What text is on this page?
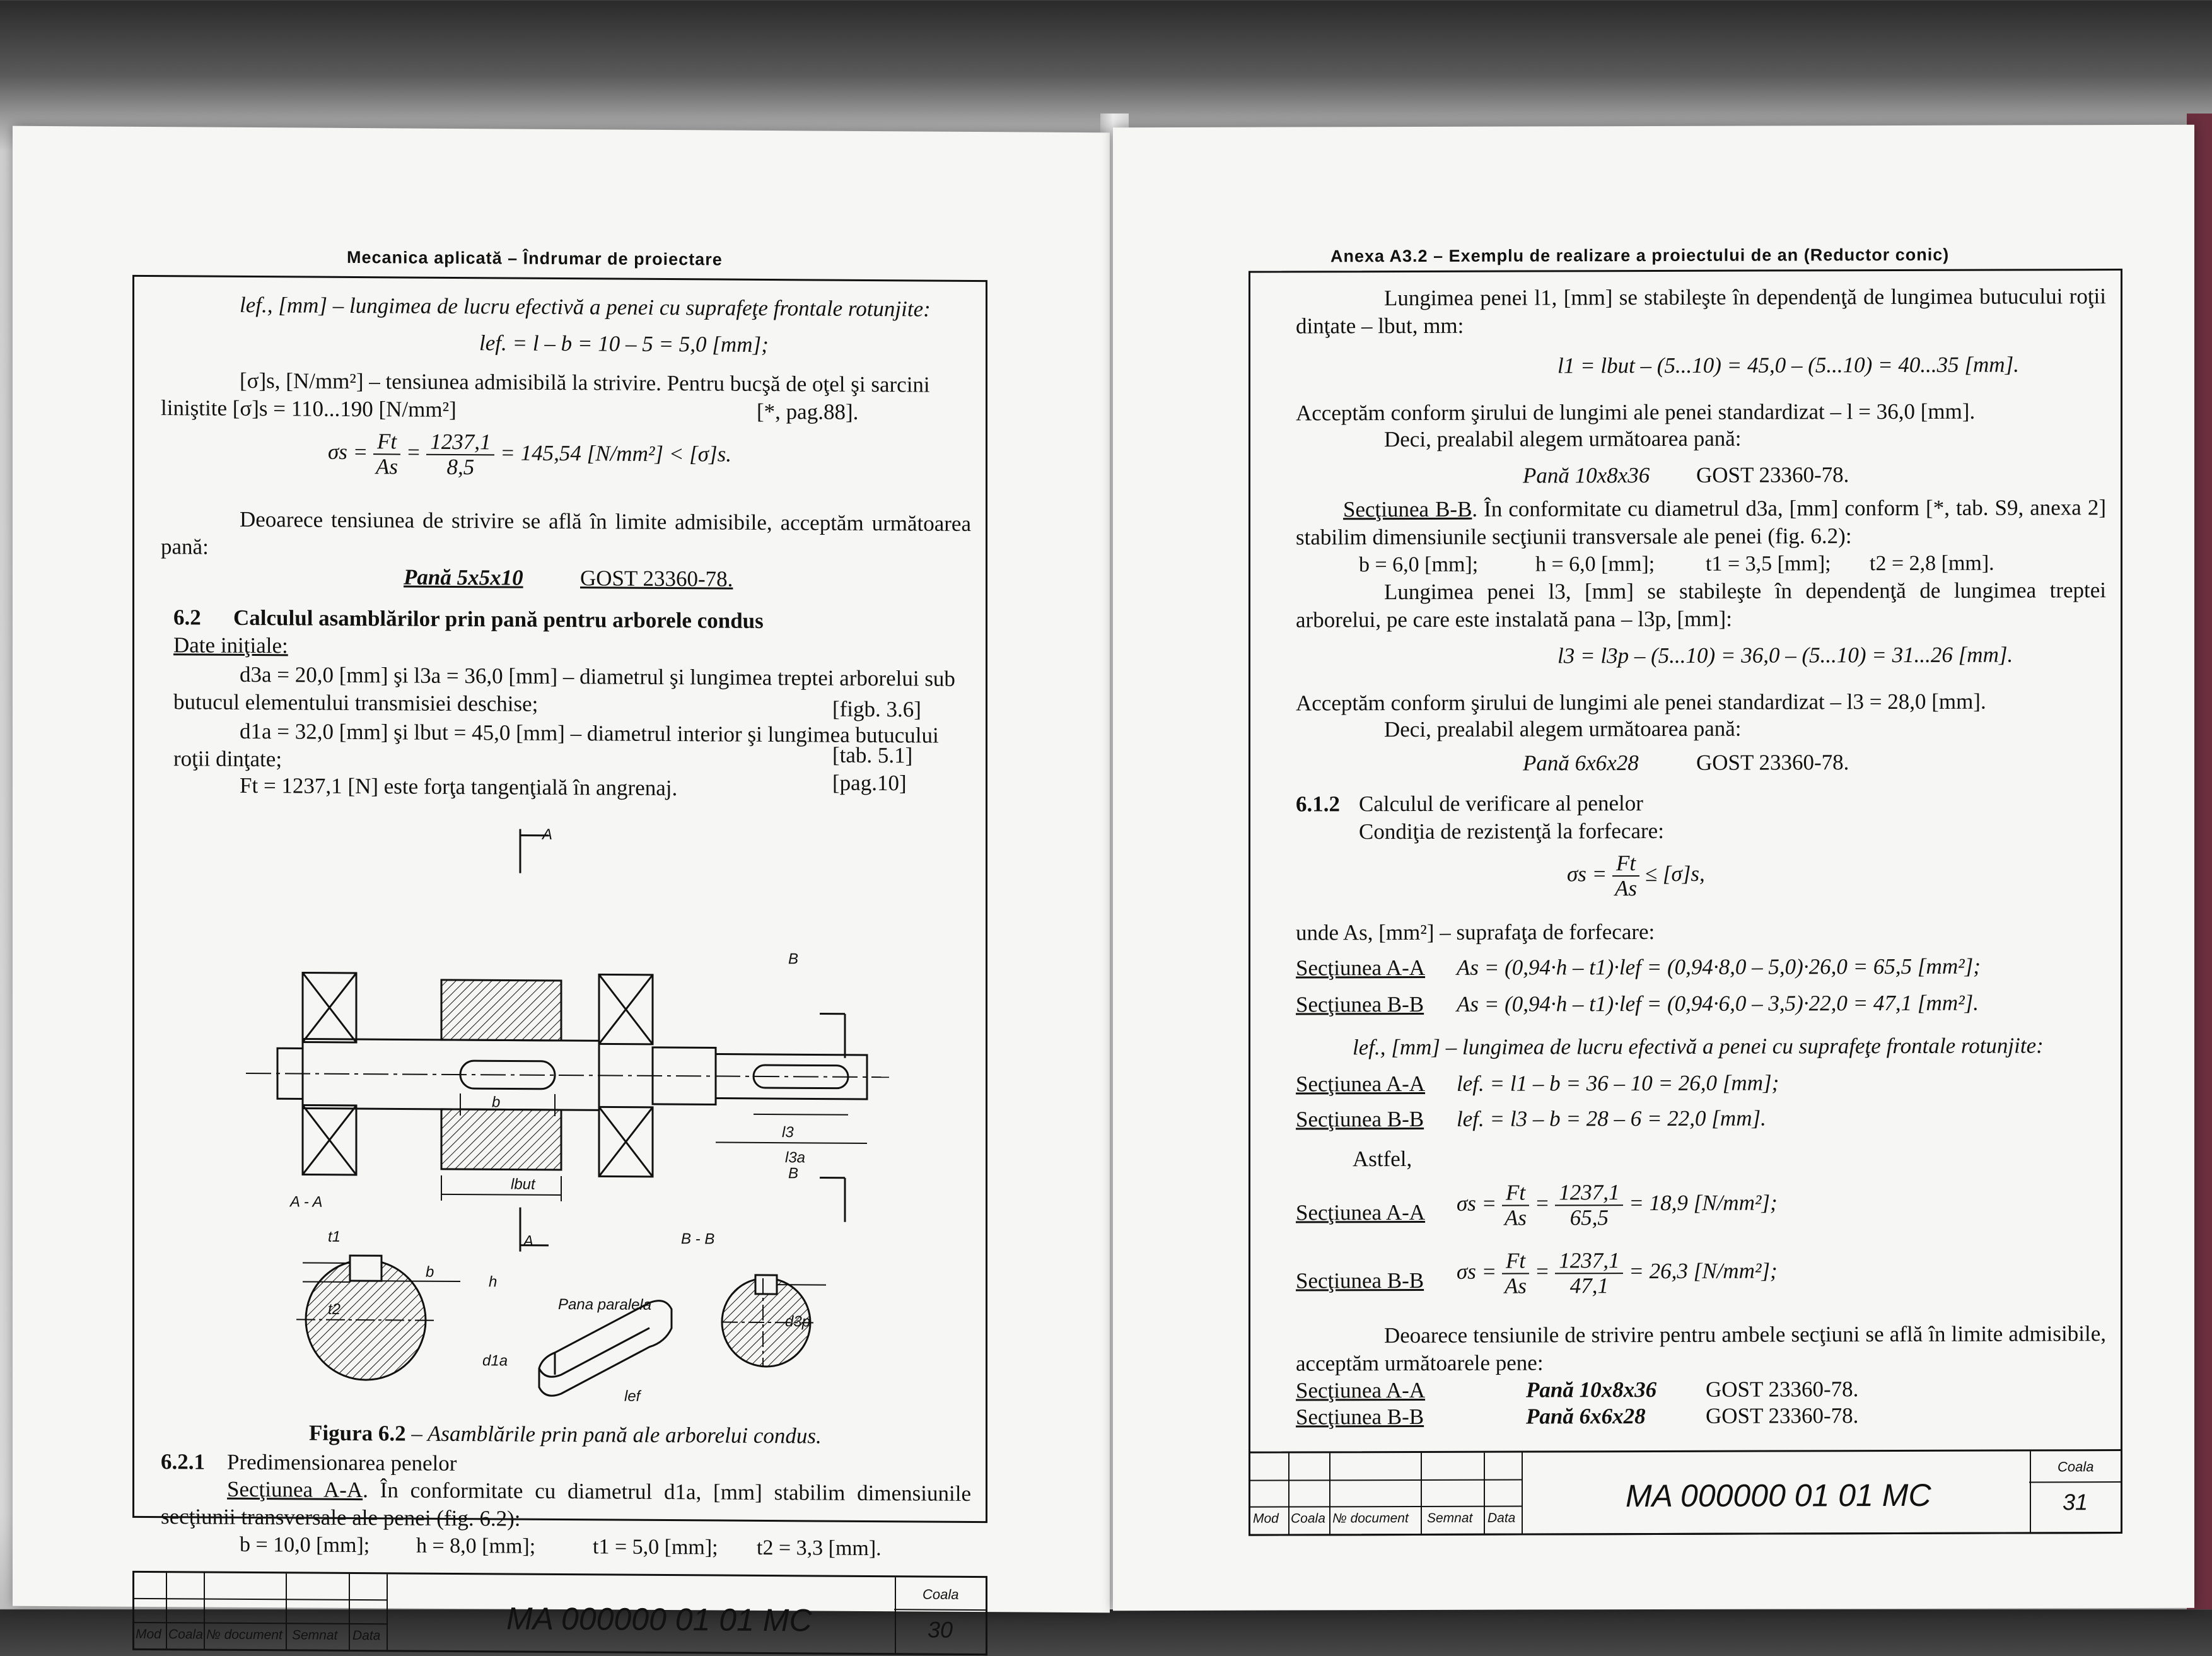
Mecanica aplicată – Îndrumar de proiectare
lef., [mm] – lungimea de lucru efectivă a penei cu suprafeţe frontale rotunjite:
lef. = l – b = 10 – 5 = 5,0 [mm];
[σ]s, [N/mm²] – tensiunea admisibilă la strivire. Pentru bucşă de oţel şi sarcini
liniştite [σ]s = 110...190 [N/mm²]	[*, pag.88].
$\sigma s = \frac{Ft}{As} = \frac{1237,1}{8,5} = 145,54$ [N/mm²] < [σ]s.
Deoarece tensiunea de strivire se află în limite admisibile, acceptăm următoarea pană:
Pană 5x5x10	GOST 23360-78.
6.2 Calculul asamblărilor prin pană pentru arborele condus
Date iniţiale:
d3a = 20,0 [mm] şi l3a = 36,0 [mm] – diametrul şi lungimea treptei arborelui sub
butucul elementului transmisiei deschise;	[figb. 3.6]
d1a = 32,0 [mm] şi lbut = 45,0 [mm] – diametrul interior şi lungimea butucului
roţii dinţate;	[tab. 5.1]
Ft = 1237,1 [N] este forţa tangenţială în angrenaj.	[pag.10]
A
A - A
B
B
A	B - B
b
b
h
t2
t1
l3
l3a
lbut
d1a
d3p
lef
Pana paralela
Figura 6.2 – Asamblările prin pană ale arborelui condus.
6.2.1 Predimensionarea penelor
Secţiunea A-A. În conformitate cu diametrul d1a, [mm] stabilim dimensiunile secţiunii transversale ale penei (fig. 6.2):
b = 10,0 [mm]; h = 8,0 [mm];	t1 = 5,0 [mm]; t2 = 3,3 [mm].
Mod Coala № document Semnat Data	MA 000000 01 01 MC
Coala
30
Anexa A3.2 – Exemplu de realizare a proiectului de an (Reductor conic)
Lungimea penei l1, [mm] se stabileşte în dependenţă de lungimea butucului roţii dinţate – lbut, mm:
l1 = lbut – (5...10) = 45,0 – (5...10) = 40...35 [mm].
Acceptăm conform şirului de lungimi ale penei standardizat – l = 36,0 [mm].
Deci, prealabil alegem următoarea pană:
Pană 10x8x36 GOST 23360-78.
Secţiunea B-B. În conformitate cu diametrul d3a, [mm] conform [*, tab. S9, anexa 2] stabilim dimensiunile secţiunii transversale ale penei (fig. 6.2):
b = 6,0 [mm];	h = 6,0 [mm]; t1 = 3,5 [mm]; t2 = 2,8 [mm].
Lungimea penei l3, [mm] se stabileşte în dependenţă de lungimea treptei arborelui, pe care este instalată pana – l3p, [mm]:
l3 = l3p – (5...10) = 36,0 – (5...10) = 31...26 [mm].
Acceptăm conform şirului de lungimi ale penei standardizat – l3 = 28,0 [mm].
Deci, prealabil alegem următoarea pană:
Pană 6x6x28	GOST 23360-78.
6.1.2 Calculul de verificare al penelor
Condiţia de rezistenţă la forfecare:
$\sigma s = \frac{Ft}{As} \le [\sigma]s$,
unde As, [mm²] – suprafaţa de forfecare:
Secţiunea A-A As = (0,94·h – t1)·lef = (0,94·8,0 – 5,0)·26,0 = 65,5 [mm²];
Secţiunea B-B As = (0,94·h – t1)·lef = (0,94·6,0 – 3,5)·22,0 = 47,1 [mm²].
lef., [mm] – lungimea de lucru efectivă a penei cu suprafeţe frontale rotunjite:
Secţiunea A-A lef. = l1 – b = 36 – 10 = 26,0 [mm];
Secţiunea B-B lef. = l3 – b = 28 – 6 = 22,0 [mm].
Astfel,
Secţiunea A-A $\sigma s = \frac{Ft}{As} = \frac{1237,1}{65,5} = 18,9$ [N/mm²];
Secţiunea B-B $\sigma s = \frac{Ft}{As} = \frac{1237,1}{47,1} = 26,3$ [N/mm²];
Deoarece tensiunile de strivire pentru ambele secţiuni se află în limite admisibile, acceptăm următoarele pene:
Secţiunea A-A	Pană 10x8x36 GOST 23360-78.
Secţiunea B-B	Pană 6x6x28	GOST 23360-78.
Mod Coala № document Semnat Data
MA 000000 01 01 MC
Coala
31
